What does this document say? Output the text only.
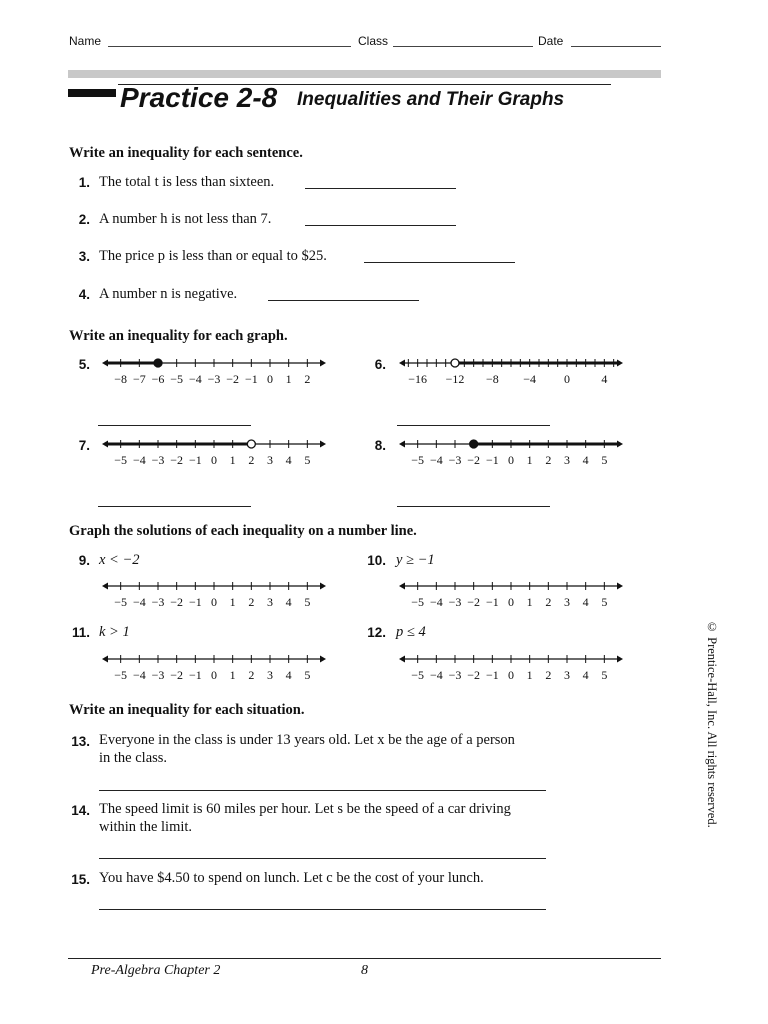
Name	Class	Date
Practice 2-8 Inequalities and Their Graphs
Write an inequality for each sentence.
1. The total t is less than sixteen.
2. A number h is not less than 7.
3. The price p is less than or equal to $25.
4. A number n is negative.
Write an inequality for each graph.
5.
−8 −7 −6 −5 −4 −3 −2 −1 0 1 2
6.
−16 −12 −8 −4 0	4
7.
−5 −4 −3 −2 −1 0 1 2 3 4 5
8.
−5 −4 −3 −2 −1 0 1 2 3 4 5
Graph the solutions of each inequality on a number line.
9. x < −2
−5 −4 −3 −2 −1 0 1 2 3 4 5
10. y ≥ −1
−5 −4 −3 −2 −1 0 1 2 3 4 5
11. k > 1
−5 −4 −3 −2 −1 0 1 2 3 4 5
12. p ≤ 4
−5 −4 −3 −2 −1 0 1 2 3 4 5
Write an inequality for each situation.
13. Everyone in the class is under 13 years old. Let x be the age of a person
in the class.
14. The speed limit is 60 miles per hour. Let s be the speed of a car driving
within the limit.
15. You have $4.50 to spend on lunch. Let c be the cost of your lunch.
© Prentice-Hall, Inc. All rights reserved.
Pre-Algebra Chapter 2	8
